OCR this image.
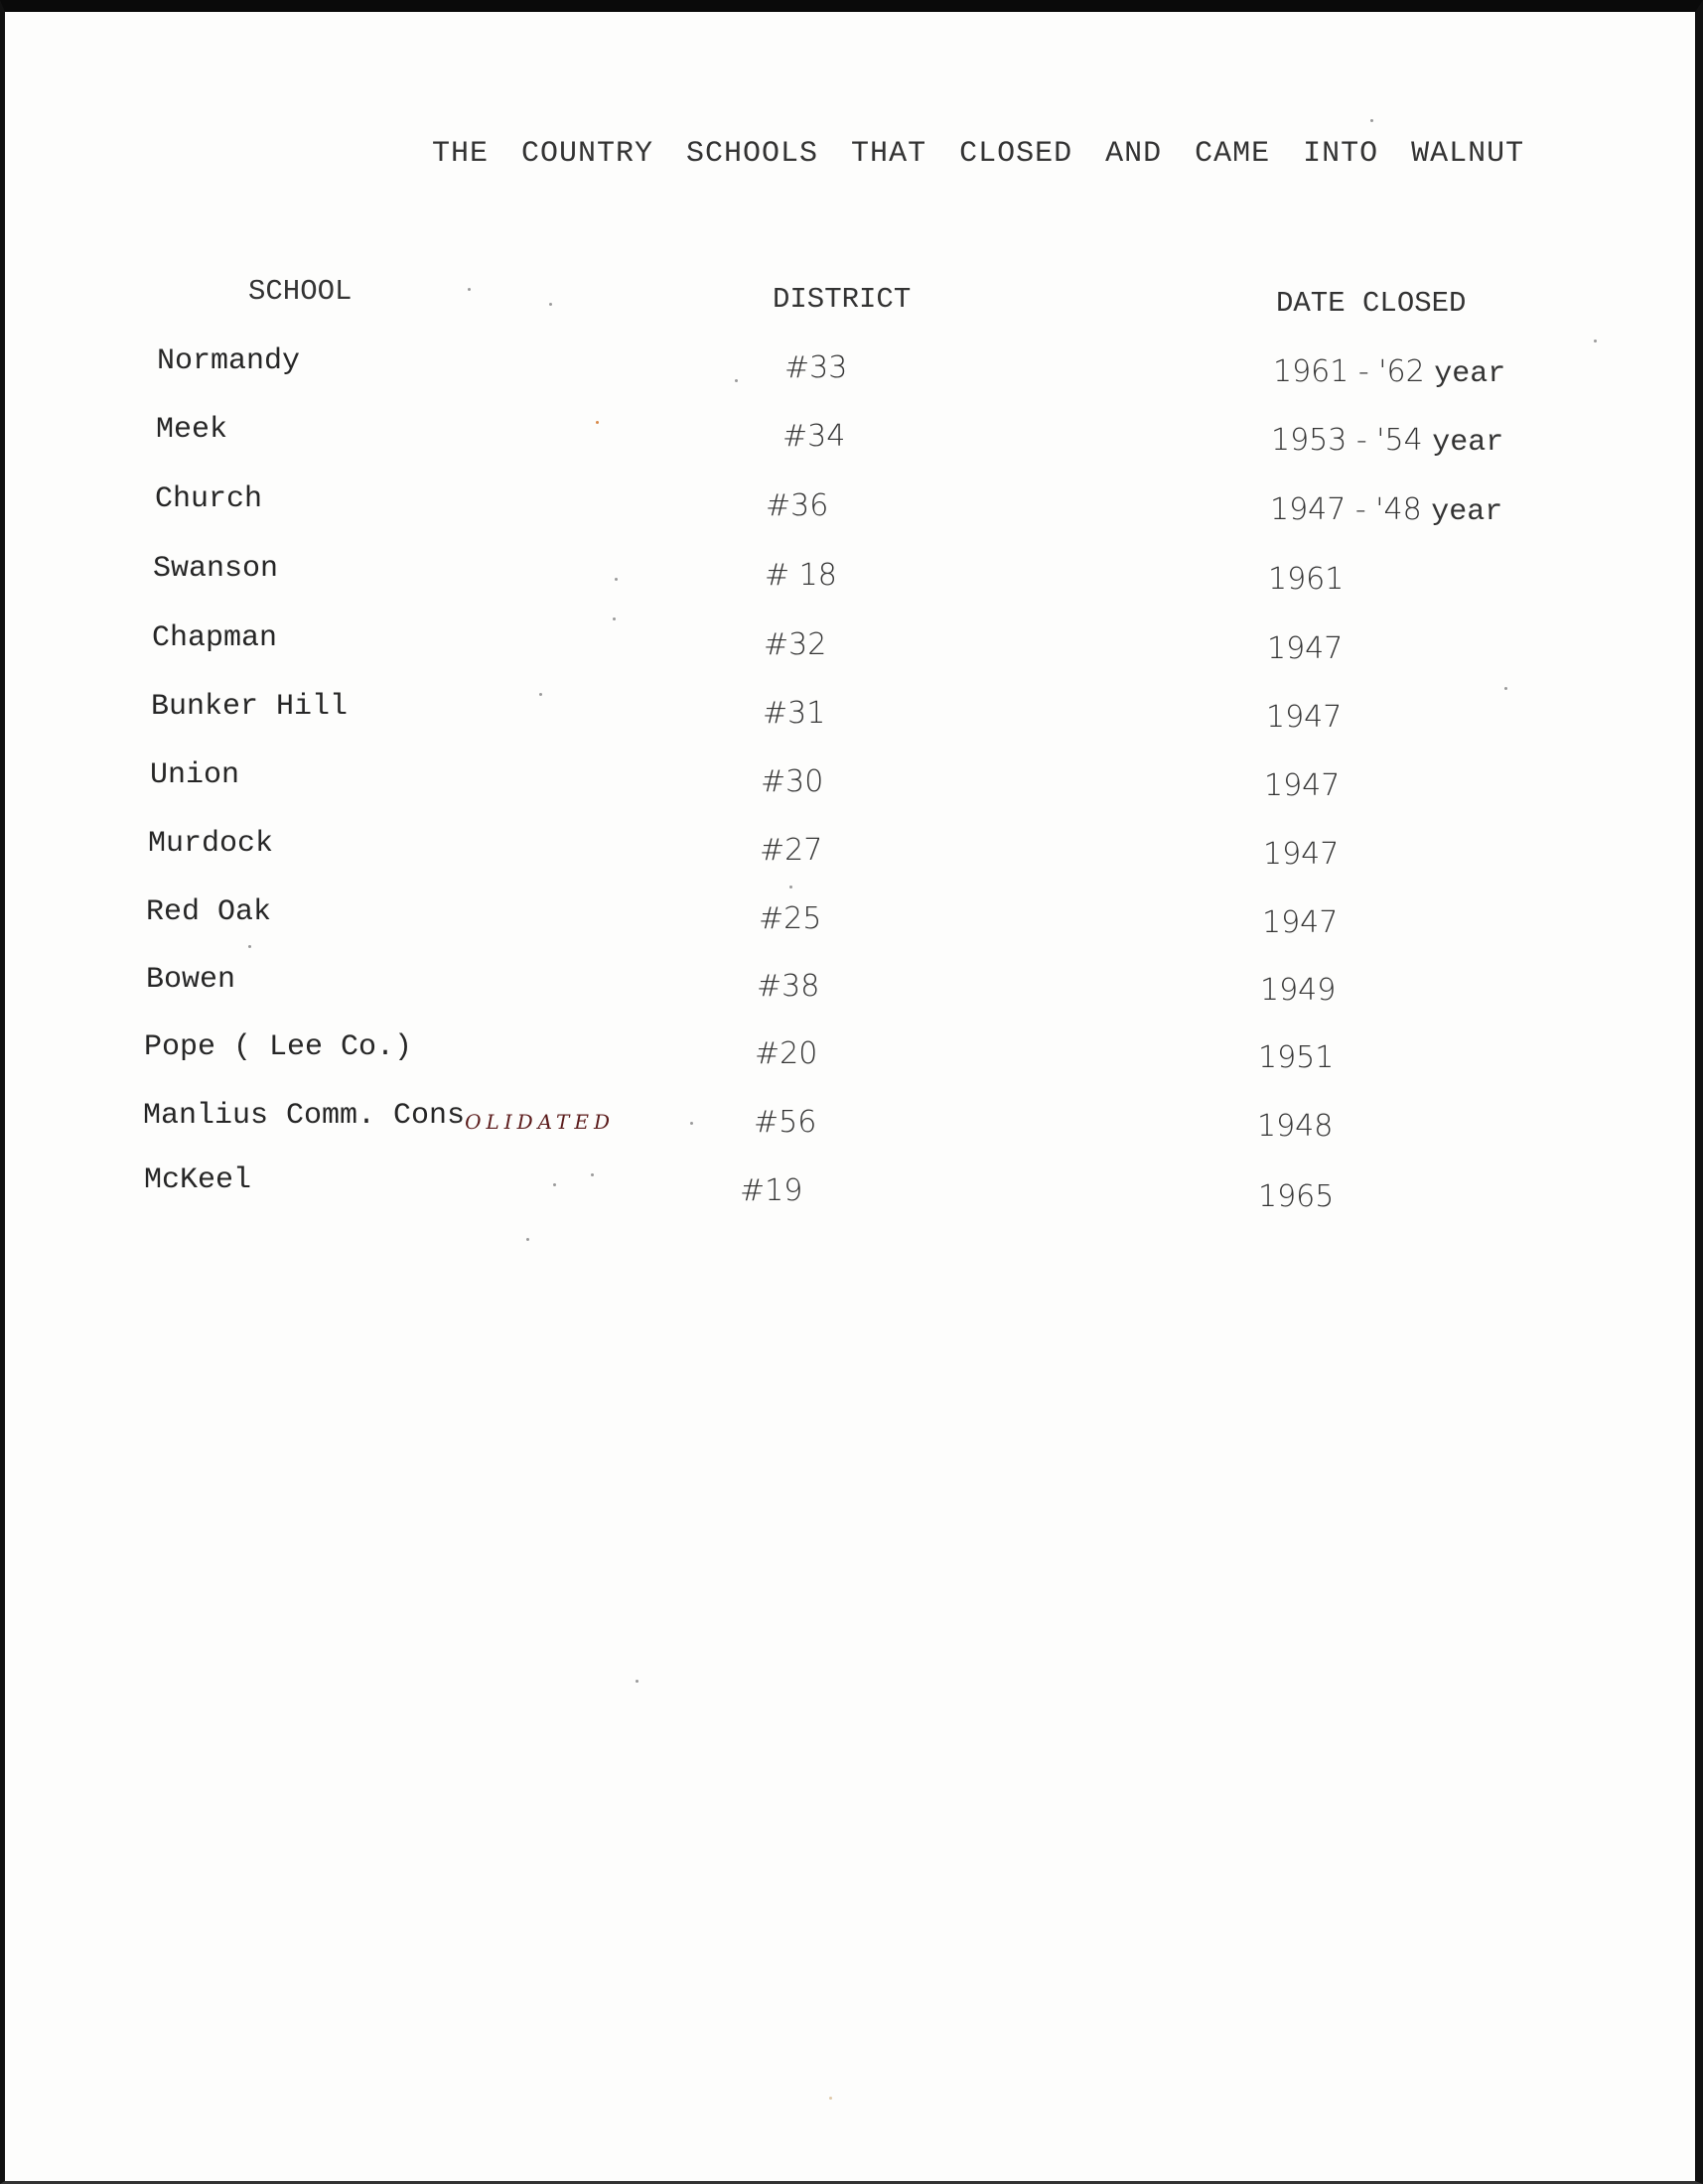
THE COUNTRY SCHOOLS THAT CLOSED AND CAME INTO WALNUT
SCHOOL	DISTRICT	DATE CLOSED
Normandy	#33	1961 - '62 year
Meek	#34	1953 - '54 year
Church	#36	1947 - '48 year
Swanson	# 18	1961
Chapman	#32	1947
Bunker Hill	#31	1947
Union	#30	1947
Murdock	#27	1947
Red Oak	#25	1947
Bowen	#38	1949
Pope ( Lee Co.)	#20	1951
Manlius Comm. Cons$_{OLIDATED}$	#56	1948
McKeel	#19	1965
